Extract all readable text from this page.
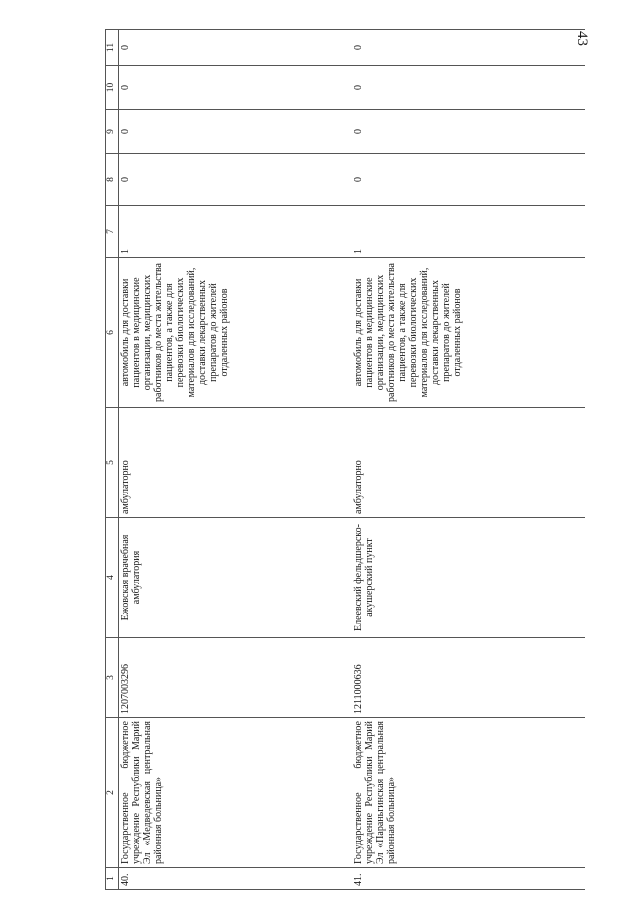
43
1	2	3	4	5	6	7	8	9	10	11
40.	Государственное бюджетное учреждение Республики Марий Эл «Медведевская центральная районная больница»	1207003296	Ежовская врачебная амбулатория	амбулаторно	автомобиль для доставки пациентов в медицинские организации, медицинских работников до места жительства пациентов, а также для перевозки биологических материалов для исследований, доставки лекарственных препаратов до жителей отдаленных районов	1	0	0	0	0
41.	Государственное бюджетное учреждение Республики Марий Эл «Параньгинская центральная районная больница»	1211000636	Елеевский фельдшерско-акушерский пункт	амбулаторно	автомобиль для доставки пациентов в медицинские организации, медицинских работников до места жительства пациентов, а также для перевозки биологических материалов для исследований, доставки лекарственных препаратов до жителей отдаленных районов	1	0	0	0	0
